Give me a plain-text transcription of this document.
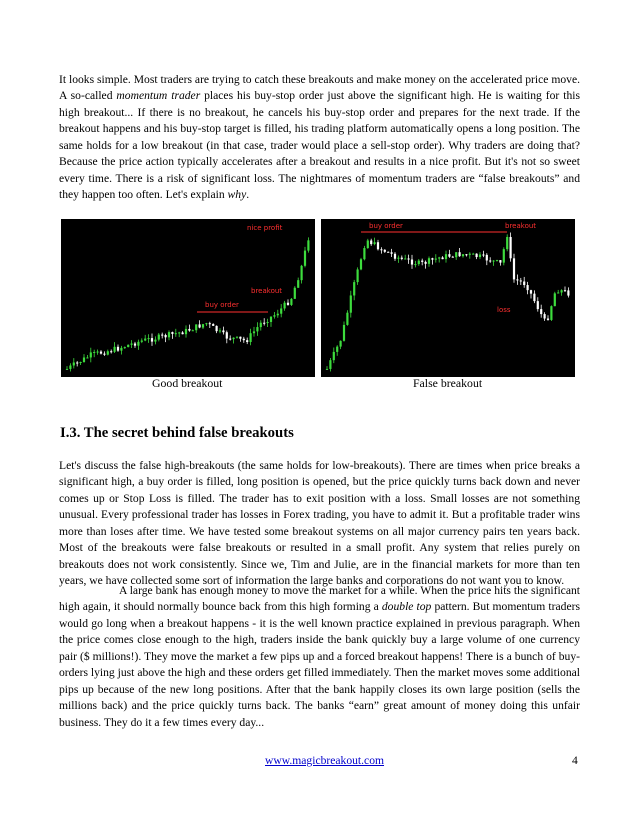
It looks simple. Most traders are trying to catch these breakouts and make money on the accelerated price move. A so-called momentum trader places his buy-stop order just above the significant high. He is waiting for this high breakout... If there is no breakout, he cancels his buy-stop order and prepares for the next trade. If the breakout happens and his buy-stop target is filled, his trading platform automatically opens a long position. The same holds for a low breakout (in that case, trader would place a sell-stop order). Why traders are doing that? Because the price action typically accelerates after a breakout and results in a nice profit. But it's not so sweet every time. There is a risk of significant loss. The nightmares of momentum traders are “false breakouts” and they happen too often. Let's explain why.

nice profit
breakout
buy order
buy order	breakout
loss
Good breakout	False breakout
I.3. The secret behind false breakouts

Let's discuss the false high-breakouts (the same holds for low-breakouts). There are times when price breaks a significant high, a buy order is filled, long position is opened, but the price quickly turns back down and never comes up or Stop Loss is filled. The trader has to exit position with a loss. Small losses are not something unusual. Every professional trader has losses in Forex trading, you have to admit it. But a profitable trader wins more than loses after time. We have tested some breakout systems on all major currency pairs ten years back. Most of the breakouts were false breakouts or resulted in a small profit. Any system that relies purely on breakouts does not work consistently. Since we, Tim and Julie, are in the financial markets for more than ten years, we have collected some sort of information the large banks and corporations do not want you to know.

A large bank has enough money to move the market for a while. When the price hits the significant high again, it should normally bounce back from this high forming a double top pattern. But momentum traders would go long when a breakout happens - it is the well known practice explained in previous paragraph. When the price comes close enough to the high, traders inside the bank quickly buy a large volume of one currency pair ($ millions!). They move the market a few pips up and a forced breakout happens! There is a bunch of buy-orders lying just above the high and these orders get filled immediately. Then the market moves some additional pips up because of the new long positions. After that the bank happily closes its own large position (sells the millions back) and the price quickly turns back. The banks “earn” great amount of money doing this unfair business. They do it a few times every day...

www.magicbreakout.com	4
